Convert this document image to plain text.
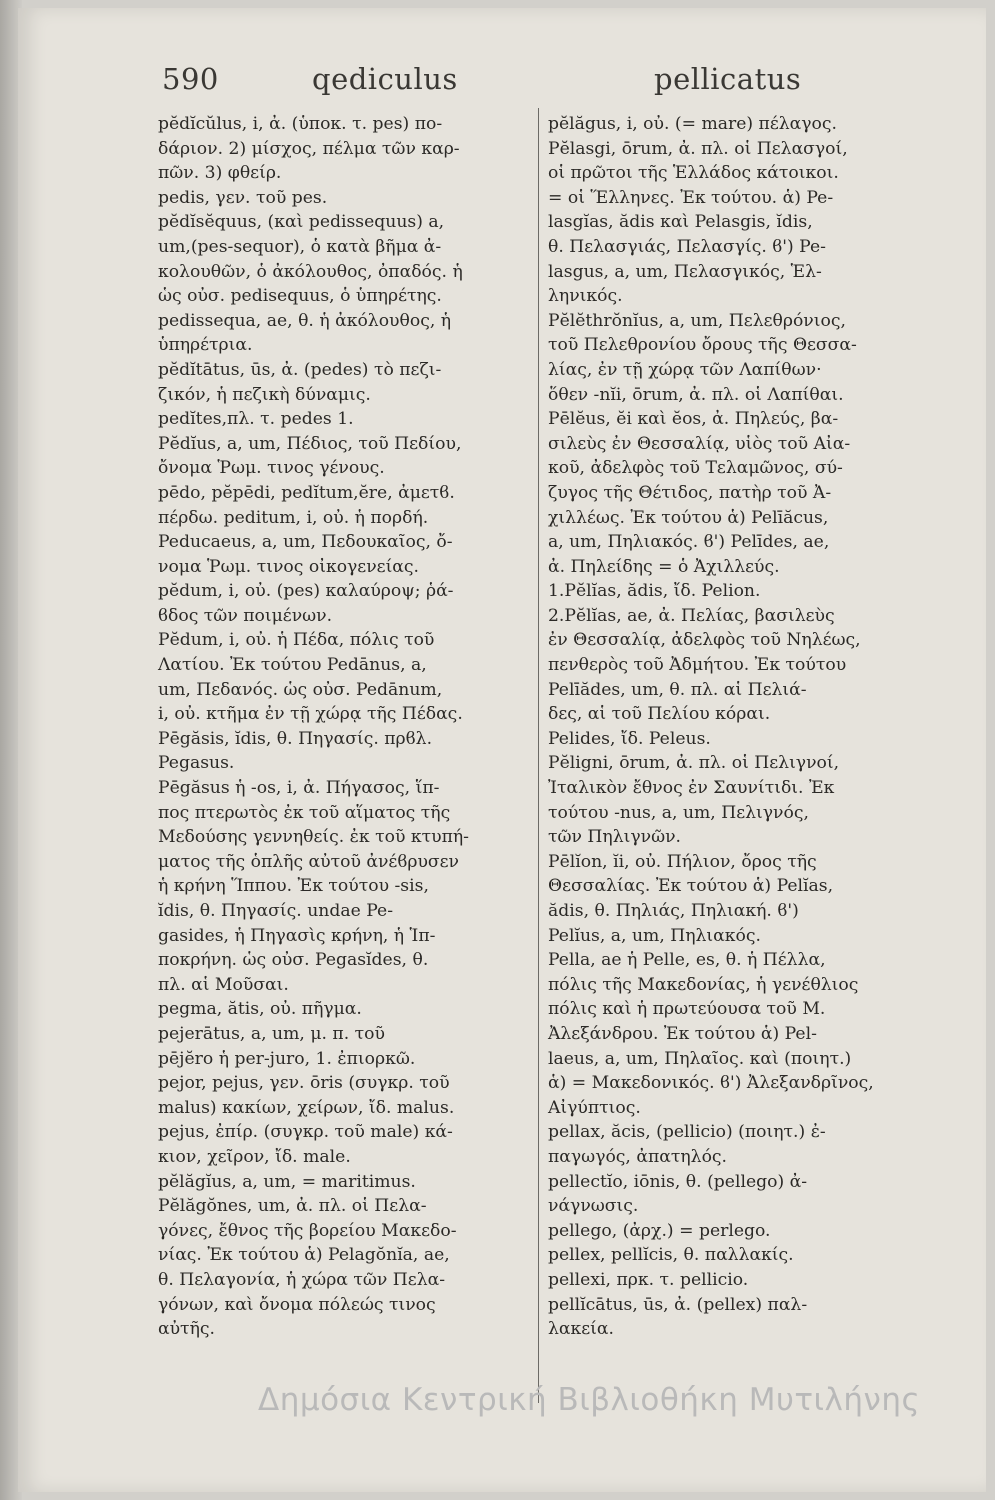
590	qediculus	pellicatus
pĕdĭcŭlus, i, ἀ. (ὑποκ. τ. pes) πο-
δάριον. 2) μίσχος, πέλμα τῶν καρ-
πῶν. 3) φθείρ.
pedis, γεν. τοῦ pes.
pĕdĭsĕquus, (καὶ pedissequus) a,
um,(pes-sequor), ὁ κατὰ βῆμα ἀ-
κολουθῶν, ὁ ἀκόλουθος, ὀπαδός. ἡ
ὡς οὐσ. pedisequus, ὁ ὑπηρέτης.
pedissequa, ae, θ. ἡ ἀκόλουθος, ἡ
ὑπηρέτρια.
pĕdĭtātus, ūs, ἀ. (pedes) τὸ πεζι-
ζικόν, ἡ πεζικὴ δύναμις.
pedĭtes,πλ. τ. pedes 1.
Pĕdĭus, a, um, Πέδιος, τοῦ Πεδίου,
ὄνομα Ῥωμ. τινος γένους.
pēdo, pĕpēdi, pedĭtum,ĕre, ἀμετϐ.
πέρδω. peditum, i, οὐ. ἡ πορδή.
Peducaeus, a, um, Πεδουκαῖος, ὄ-
νομα Ῥωμ. τινος οἰκογενείας.
pĕdum, i, οὐ. (pes) καλαύροψ; ῥά-
ϐδος τῶν ποιμένων.
Pĕdum, i, οὐ. ἡ Πέδα, πόλις τοῦ
Λατίου. Ἐκ τούτου Pedānus, a,
um, Πεδανός. ὡς οὐσ. Pedānum,
i, οὐ. κτῆμα ἐν τῇ χώρᾳ τῆς Πέδας.
Pēgăsis, ĭdis, θ. Πηγασίς. πρϐλ.
Pegasus.
Pēgăsus ἡ -os, i, ἀ. Πήγασος, ἵπ-
πος πτερωτὸς ἐκ τοῦ αἵματος τῆς
Μεδούσης γεννηθείς. ἐκ τοῦ κτυπή-
ματος τῆς ὁπλῆς αὐτοῦ ἀνέϐρυσεν
ἡ κρήνη Ἵππου. Ἐκ τούτου -sis,
ĭdis, θ. Πηγασίς. undae Pe-
gasides, ἡ Πηγασὶς κρήνη, ἡ Ἱπ-
ποκρήνη. ὡς οὐσ. Pegasĭdes, θ.
πλ. αἱ Μοῦσαι.
pegma, ătis, οὐ. πῆγμα.
pejerātus, a, um, μ. π. τοῦ
pējĕro ἡ per-juro, 1. ἐπιορκῶ.
pejor, pejus, γεν. ōris (συγκρ. τοῦ
malus) κακίων, χείρων, ἴδ. malus.
pejus, ἐπίρ. (συγκρ. τοῦ male) κά-
κιον, χεῖρον, ἴδ. male.
pĕlăgĭus, a, um, = maritimus.
Pĕlăgŏnes, um, ἀ. πλ. οἱ Πελα-
γόνες, ἔθνος τῆς βορείου Μακεδο-
νίας. Ἐκ τούτου ἁ) Pelagŏnĭa, ae,
θ. Πελαγονία, ἡ χώρα τῶν Πελα-
γόνων, καὶ ὄνομα πόλεώς τινος
αὐτῆς.
pĕlăgus, i, οὐ. (= mare) πέλαγος.
Pĕlasgi, ōrum, ἀ. πλ. οἱ Πελασγοί,
οἱ πρῶτοι τῆς Ἑλλάδος κάτοικοι.
= οἱ Ἕλληνες. Ἐκ τούτου. ἁ) Pe-
lasgĭas, ădis καὶ Pelasgis, ĭdis,
θ. Πελασγιάς, Πελασγίς. ϐ') Pe-
lasgus, a, um, Πελασγικός, Ἑλ-
ληνικός.
Pĕlĕthrŏnĭus, a, um, Πελεθρόνιος,
τοῦ Πελεθρονίου ὄρους τῆς Θεσσα-
λίας, ἐν τῇ χώρᾳ τῶν Λαπίθων·
ὅθεν -nĭi, ōrum, ἀ. πλ. οἱ Λαπίθαι.
Pēlĕus, ĕi καὶ ĕos, ἀ. Πηλεύς, βα-
σιλεὺς ἐν Θεσσαλίᾳ, υἱὸς τοῦ Αἰα-
κοῦ, ἀδελφὸς τοῦ Τελαμῶνος, σύ-
ζυγος τῆς Θέτιδος, πατὴρ τοῦ Ἀ-
χιλλέως. Ἐκ τούτου ἁ) Pelīăcus,
a, um, Πηλιακός. ϐ') Pelīdes, ae,
ἀ. Πηλείδης = ὁ Ἀχιλλεύς.
1.Pĕlĭas, ădis, ἴδ. Pelion.
2.Pĕlĭas, ae, ἀ. Πελίας, βασιλεὺς
ἐν Θεσσαλίᾳ, ἀδελφὸς τοῦ Νηλέως,
πενθερὸς τοῦ Ἀδμήτου. Ἐκ τούτου
Pelīădes, um, θ. πλ. αἱ Πελιά-
δες, αἱ τοῦ Πελίου κόραι.
Pelides, ἴδ. Peleus.
Pĕligni, ōrum, ἀ. πλ. οἱ Πελιγνοί,
Ἰταλικὸν ἔθνος ἐν Σαυνίτιδι. Ἐκ
τούτου -nus, a, um, Πελιγνός,
τῶν Πηλιγνῶν.
Pēlĭon, ĭi, οὐ. Πήλιον, ὄρος τῆς
Θεσσαλίας. Ἐκ τούτου ἁ) Pelĭas,
ădis, θ. Πηλιάς, Πηλιακή. ϐ')
Pelĭus, a, um, Πηλιακός.
Pella, ae ἡ Pelle, es, θ. ἡ Πέλλα,
πόλις τῆς Μακεδονίας, ἡ γενέθλιος
πόλις καὶ ἡ πρωτεύουσα τοῦ Μ.
Ἀλεξάνδρου. Ἐκ τούτου ἁ) Pel-
laeus, a, um, Πηλαῖος. καὶ (ποιητ.)
ἁ) = Μακεδονικός. ϐ') Ἀλεξανδρῖνος,
Αἰγύπτιος.
pellax, ăcis, (pellicio) (ποιητ.) ἐ-
παγωγός, ἀπατηλός.
pellectĭo, iōnis, θ. (pellego) ἀ-
νάγνωσις.
pellego, (ἀρχ.) = perlego.
pellex, pellĭcis, θ. παλλακίς.
pellexi, πρκ. τ. pellicio.
pellĭcātus, ūs, ἀ. (pellex) παλ-
λακεία.
Δημόσια Κεντρική Βιβλιοθήκη Μυτιλήνης
